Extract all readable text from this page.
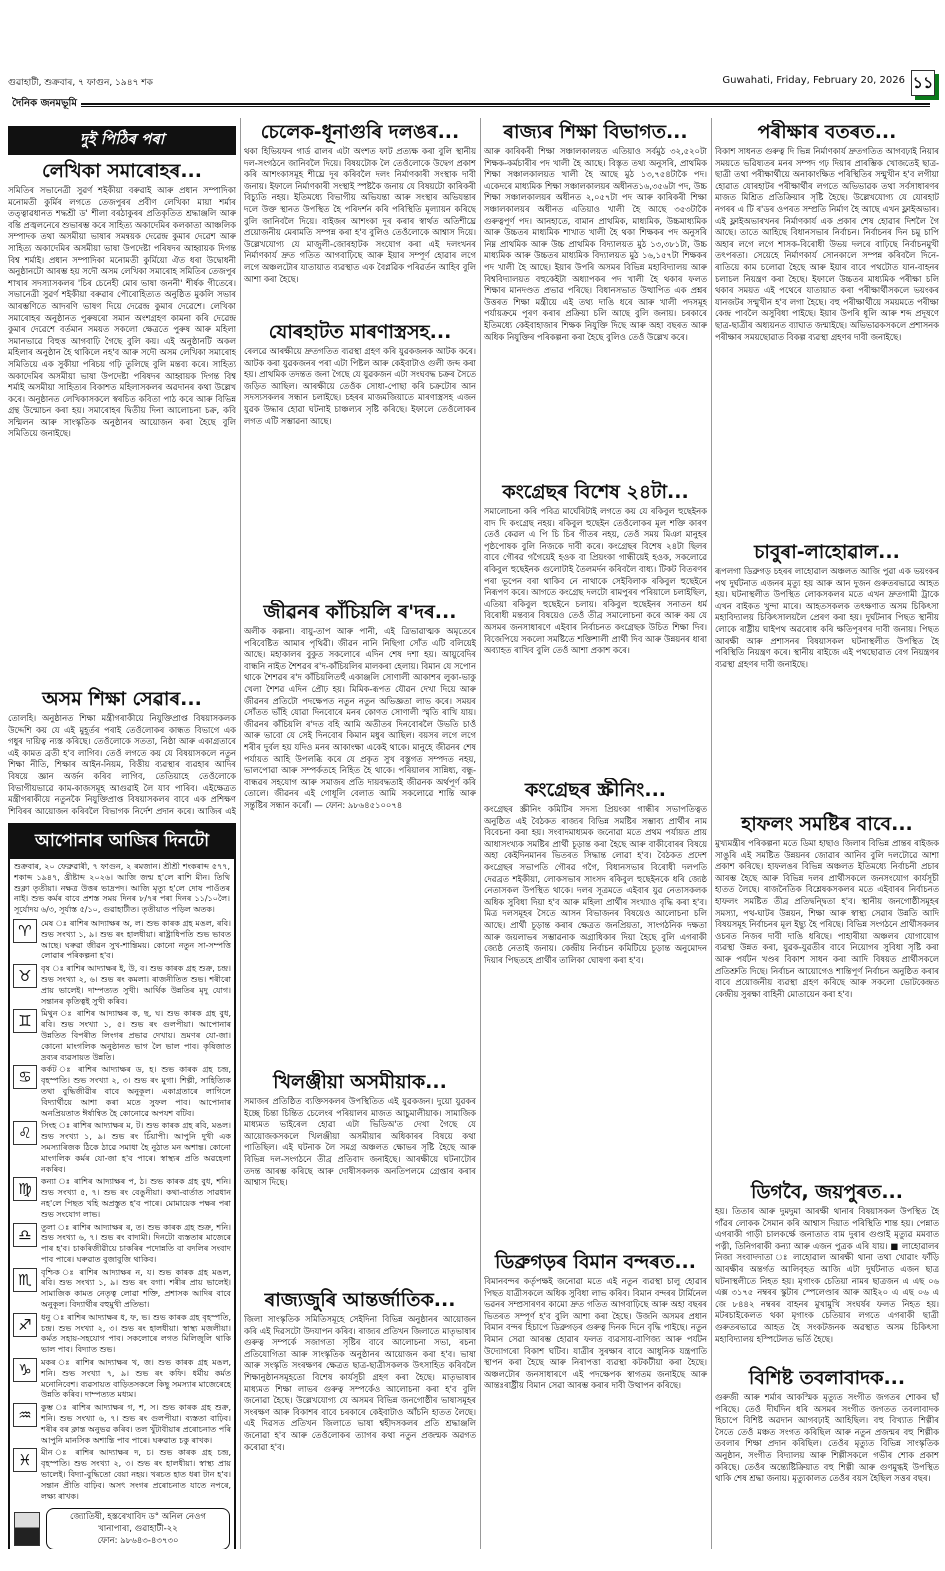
গুৱাহাটী, শুক্ৰবাৰ, ৭ ফাগুন, ১৯৪৭ শক	Guwahati, Friday, February 20, 2026 ১১
দৈনিক জনমভূমি
দুই পিঠিৰ পৰা
লেখিকা সমাৰোহৰ...

সমিতিৰ সভানেত্ৰী সুৱৰ্ণ শইকীয়া বৰুৱাই আৰু প্ৰধান সম্পাদিকা মনোমতী কুৰ্মিৰ লগতে তেজপুৰৰ প্ৰবীণ লেখিকা মায়া শৰ্মাৰ তত্ত্বাৱধানত শদ্ধশ্ৰী ড' শীলা বৰঠাকুৰৰ প্ৰতিকৃতিত শ্ৰদ্ধাঞ্জলি আৰু বন্তি প্ৰজ্বলনেৰে শুভাৰম্ভ কৰে সাহিত্য অকাদেমিৰ কলকাতা আঞ্চলিক সম্পাদক তথা অসমীয়া ভাষাৰ সমন্বয়ক দেৱেন্দ্ৰ কুমাৰ দেৱেশ আৰু সাহিত্য অকাদেমিৰ অসমীয়া ভাষা উপদেষ্টা পৰিষদৰ আহ্বায়ক দিগন্ত বিশ্ব শৰ্মাই। প্ৰধান সম্পাদিকা মনোমতী কুৰ্মিয়ো ঐত ধৰা উদ্বোধনী অনুষ্ঠানটো আৰম্ভ হয় সদৌ অসম লেখিকা সমাৰোহ সমিতিৰ তেজপুৰ শাখাৰ সদস্যাসকলৰ 'চিৰ চেনেহী মোৰ ভাষা জননী' শীৰ্ষক গীতেৰে। সভানেত্ৰী সুৱৰ্ণ শইকীয়া বৰুৱাৰ পৌৰোহিত্যত অনুষ্ঠিত মুকলি সভাৰ আৰম্ভণিতে আদৰণি ভাষণ দিয়ে দেৱেন্দ্ৰ কুমাৰ দেৱেশে। লেখিকা সমাৰোহৰ অনুষ্ঠানত পুৰুষৰো সমান অংশগ্ৰহণ কামনা কৰি দেৱেন্দ্ৰ কুমাৰ দেৱেশে বৰ্তমান সময়ত সকলো ক্ষেত্ৰতে পুৰুষ আৰু মহিলা সমানভাৱে বিহুত্ত আগবাঢ়ি গৈছে বুলি কয়। এই অনুষ্ঠানটি অকল মহিলাৰ অনুষ্ঠান হৈ থাকিলে নহ'ব আৰু সদৌ অসম লেখিকা সমাৰোহ সমিতিয়ে এক সুকীয়া পৰিচয় গঢ়ি তুলিছে বুলি মন্তব্য কৰে। সাহিত্য অকাদেমিৰ অসমীয়া ভাষা উপদেষ্টা পৰিষদৰ আহ্বায়ক দিগন্ত বিশ্ব শৰ্মাই অসমীয়া সাহিত্যৰ বিকাশত মহিলাসকলৰ অৱদানৰ কথা উল্লেখ কৰে। অনুষ্ঠানত লেখিকাসকলে স্বৰচিত কবিতা পাঠ কৰে আৰু বিভিন্ন গ্ৰন্থ উন্মোচন কৰা হয়। সমাৰোহৰ দ্বিতীয় দিনা আলোচনা চক্ৰ, কবি সন্মিলন আৰু সাংস্কৃতিক অনুষ্ঠানৰ আয়োজন কৰা হৈছে বুলি সমিতিয়ে জনাইছে।

অসম শিক্ষা সেৱাৰ...

তোলহি। অনুষ্ঠানত শিক্ষা মন্ত্ৰীগৰাকীয়ে নিযুক্তিপ্ৰাপ্ত বিষয়াসকলক উদ্দেশি কয় যে এই মুহূৰ্তৰ পৰাই তেওঁলোকৰ কান্ধত বিভাগে এক গধুৰ দায়িত্ব ন্যস্ত কৰিছে। তেওঁলোকে সততা, নিষ্ঠা আৰু একাগ্ৰতাৰে এই কামত ব্ৰতী হ'ব লাগিব। তেওঁ লগতে কয় যে বিষয়াসকলে নতুন শিক্ষা নীতি, শিক্ষাৰ আইন-নিয়ম, বিত্তীয় ব্যৱস্থাৰ ব্যৱহাৰ আদিৰ বিষয়ে জ্ঞান অৰ্জন কৰিব লাগিব, তেতিয়াহে তেওঁলোকে বিভাগীয়ভাৱে কাম-কাজসমূহ আগুৱাই লৈ যাব পাৰিব। এইক্ষেত্ৰত মন্ত্ৰীগৰাকীয়ে নতুনকৈ নিযুক্তিপ্ৰাপ্ত বিষয়াসকলৰ বাবে এক প্ৰশিক্ষণ শিবিৰৰ আয়োজন কৰিবলৈ বিভাগক নিৰ্দেশ প্ৰদান কৰে। আজিৰ এই

আপোনাৰ আজিৰ দিনটো

শুক্ৰবাৰ, ২০ ফেব্ৰুৱাৰী, ৭ ফাগুন, ২ ৰমজান। শ্ৰীশ্ৰী শংকৰাব্দ ৫৭৭, শকাব্দ ১৯৪৭, খ্ৰীষ্টাব্দ ২০২৬। আজি জন্ম হ'লে ৰাশি মীন। তিথি শুক্লা তৃতীয়া। নক্ষত্ৰ উত্তৰ ভাদ্ৰপদ। আজি মৃত্যু হ'লে দোষ পাওঁতৰ নাই। শুভ কৰ্মৰ বাবে প্ৰশস্ত সময় দিনৰ ৮/৭ৰ পৰা দিনৰ ১১/১০লৈ। সূৰ্যোদয় ৬/৩, সূৰ্যাস্ত ৫/১০, গুৱাহাটীত। তৃতীয়াত পড়িল অতক।

♈	মেষ ঃ ৰাশিৰ আদ্যাক্ষৰ অ, ল। শুভ কাৰক গ্ৰহ মঙল, ৰবি। শুভ সংখ্যা ১, ৯। শুভ ৰং হালধীয়া। ৰাষ্ট্ৰাধিপতি শুভ ভাবত আছে। ঘৰুৱা জীৱন সুখ-শান্তিময়। কোনো নতুন সা-সম্পত্তি লোৱাৰ পৰিকল্পনা হ'ব।

♉	বৃষ ঃ ৰাশিৰ আদ্যাক্ষৰ ই, উ, ব। শুভ কাৰক গ্ৰহ শুক্ৰ, চন্দ্ৰ। শুভ সংখ্যা ২, ৬। শুভ ৰং কমলা। ৰাজনীতিত শুভ। শৰীৰো প্ৰায় ভালেই। দাম্পত্যত সুখী। আৰ্থিক উন্নতিৰ মৃদু যোগ। সন্তানৰ কৃতিত্বই সুখী কৰিব।

♊	মিথুন ঃ ৰাশিৰ আদ্যাক্ষৰ ক, ছ, ঘ। শুভ কাৰক গ্ৰহ বুধ, ৰবি। শুভ সংখ্যা ১, ৫। শুভ ৰং গুলপীয়া। আপোনাৰ উন্নতিত বিপৰীত লিংগৰ প্ৰভাৱ দেখায়। ভ্ৰমণৰ যো-জা। কোনো মাংগলিক অনুষ্ঠানত ভাগ লৈ ভাল পাব। কৃষিজাত দ্ৰব্যৰ ব্যৱসায়ত উন্নতি।

♋	কৰ্কট ঃ ৰাশিৰ আদ্যাক্ষৰ ড, হ। শুভ কাৰক গ্ৰহ চন্দ্ৰ, বৃহস্পতি। শুভ সংখ্যা ২, ৩। শুভ ৰং মুগা। শিল্পী, সাহিত্যিক তথা বুদ্ধিজীৱীৰ বাবে অনুকূল। একাগ্ৰতাৰে লাগিলে বিদ্যাৰ্থীয়ে আশা কৰা মতে সুফল পাব। আপোনাৰ অনপ্ৰিয়তাত ঈৰ্ষান্বিত হৈ কোনোৱে অপযশ বটিব।

♌	সিংহ ঃ ৰাশিৰ আদ্যাক্ষৰ ম, ট। শুভ কাৰক গ্ৰহ ৰবি, মঙল। শুভ সংখ্যা ১, ৯। শুভ ৰং চিঁয়াপী। আপুনি দুখী এক সমস্যাৰিজক ঠিকে ঠাৱে সমাধা হৈ নুঠাত মন অশান্ত। কোনো মাংগলিক কৰ্মৰ যো-জা হ'ব পাৰে। স্বাস্থ্যৰ প্ৰতি অৱহেলা নকৰিব।

♍	কন্যা ঃ ৰাশিৰ আদ্যাক্ষৰ প, ঠ। শুভ কাৰক গ্ৰহ বুধ, শনি। শুভ সংখ্যা ৫, ৭। শুভ ৰং বেঙুনীয়া। কথা-বাৰ্তাত সাৱধান নহ'লে পিছত খহি অপ্ৰস্তুত হ'ব পাৰে। মোমায়েক পক্ষৰ পৰা শুভ সংযোগ লাভ।

♎	তুলা ঃ ৰাশিৰ আদ্যাক্ষৰ ৰ, ত। শুভ কাৰক গ্ৰহ শুক্ৰ, শনি। শুভ সংখ্যা ৬, ৭। শুভ ৰং বাদামী। দিনটো ব্যস্ততাৰ মাজেৰে পাৰ হ'ব। চাকৰিজীৱীয়ে চাকৰিৰ পদোন্নতি বা বদলিৰ সংবাদ পাব পাৰে। ঘৰুৱাত বুজাবুজি থাকিব।

♏	বৃশ্চিক ঃ ৰাশিৰ আদ্যাক্ষৰ ন, য। শুভ কাৰক গ্ৰহ মঙল, ৰবি। শুভ সংখ্যা ১, ৯। শুভ ৰং বগা। শৰীৰ প্ৰায় ভালেই। সামাজিক কামত নেতৃত্ব লোৱা শক্তি, প্ৰশাসক আদিৰ বাবে অনুকূল। বিদ্যাৰ্থীৰ বহুমুখী প্ৰতিভা।

♐	ধনু ঃ ৰাশিৰ আদ্যাক্ষৰ ধ, ফ, ভ। শুভ কাৰক গ্ৰহ বৃহস্পতি, চন্দ্ৰ। শুভ সংখ্যা ২, ৩। শুভ ৰং হালধীয়া। স্বাস্থ্য মজলীয়া। কৰ্মত সহায়-সহযোগ পাব। সকলোৰে লগত মিলিজুলি থাকি ভাল পাব। বিদ্যাত শুভ।

♑	মকৰ ঃ ৰাশিৰ আদ্যাক্ষৰ খ, জ। শুভ কাৰক গ্ৰহ মঙল, শনি। শুভ সংখ্যা ৭, ৯। শুভ ৰং কফি। ধৰ্মীয় কৰ্মত মনোনিবেশ। ব্যৱসায়ত বাড়িতসকলে কিছু সমস্যাৰ মাজেৰেহে উন্নতি কৰিব। দাম্পত্যত মধ্যম।

♒	কুম্ভ ঃ ৰাশিৰ আদ্যাক্ষৰ গ, শ, স। শুভ কাৰক গ্ৰহ শুক্ৰ, শনি। শুভ সংখ্যা ৬, ৭। শুভ ৰং গুলপীয়া। ব্যস্ততা বাঢ়িব। শৰীৰ বৰ ক্লান্ত অনুভৱ কৰিব। তল খুঁটাবীয়াৰ প্ৰৰোচনাত পৰি আপুনি মানসিক অশান্তি পাব পাৰে। ঘৰুৱাত চকু ৰাখক।

♓	মীন ঃ ৰাশিৰ আদ্যাক্ষৰ দ, চ। শুভ কাৰক গ্ৰহ চন্দ্ৰ, বৃহস্পতি। শুভ সংখ্যা ২, ৩। শুভ ৰং হালধীয়া। স্বাস্থ্য প্ৰায় ভালেই। বিদ্যা-বুদ্ধিতো বেয়া নহয়। খৰচত হাত ধৰা টান হ'ব। সন্তান প্ৰীতি বাঢ়িব। অসৎ সংগৰ প্ৰৰোচনাত যাতে নপৰে, লক্ষ্য ৰাখক।

জ্যোতিষী, হস্তৰেখাবিদ ড° অনিল নেওগ
খানাপাৰা, গুৱাহাটী-২২
ফোন: ৯৮৬৪৩-৪৩৭৩০
চেলেক-ধূনাগুৰি দলঙৰ...

থকা হিভিয়ফৰ গাৰ্ড ৱালৰ এটা অংশত ফাট প্ৰত্যক্ষ কৰা বুলি স্থানীয় দল-সংগঠনে জানিবলৈ দিয়ে। বিষয়টোক লৈ তেওঁলোকে উদ্বেগ প্ৰকাশ কৰি আশংকাসমূহ শীঘ্ৰে দূৰ কৰিবলৈ দলং নিৰ্মাণকাৰী সংস্থাক দাবী জনায়। ইফালে নিৰ্মাণকাৰী সংস্থাই স্পষ্টকৈ জনায় যে বিষয়টো কাৰিকৰী বিচ্যুতি নহয়। ইতিমধ্যে বিভাগীয় অভিযন্তা আৰু সংস্থাৰ অভিযন্তাৰ দলে উক্ত স্থানত উপস্থিত হৈ পৰিদৰ্শন কৰি পৰিস্থিতি মূল্যায়ন কৰিছে বুলি জানিবলৈ দিয়ে। বাইজৰ আশংকা দূৰ কৰাৰ স্বাৰ্থত অতিশীঘ্ৰে প্ৰয়োজনীয় মেৰামতি সম্পন্ন কৰা হ'ব বুলিও তেওঁলোকে আশ্বাস দিয়ে। উল্লেখযোগ্য যে মাজুলী-জোৰহাটক সংযোগ কৰা এই দলংখনৰ নিৰ্মাণকাৰ্য দ্ৰুত গতিত আগবাঢ়িছে আৰু ইয়াৰ সম্পূৰ্ণ হোৱাৰ লগে লগে অঞ্চলটোৰ যাতায়াত ব্যৱস্থাত এক বৈপ্লৱিক পৰিৱৰ্তন আহিব বুলি আশা কৰা হৈছে।

যোৰহাটত মাৰণাস্ত্ৰসহ...

ৰেলৱে আৰক্ষীয়ে দ্ৰুতগতিত ব্যৱস্থা গ্ৰহণ কৰি যুৱকজনক আটক কৰে। আটক কৰা যুৱকজনৰ পৰা এটা পিষ্টল আৰু কেইবাটাও গুলী জব্দ কৰা হয়। প্ৰাথমিক তদন্তত জনা গৈছে যে যুৱকজন এটা সংঘবদ্ধ চক্ৰৰ সৈতে জড়িত আছিল। আৰক্ষীয়ে তেওঁক সোধা-পোছা কৰি চক্ৰটোৰ আন সদস্যসকলৰ সন্ধান চলাইছে। চহৰৰ মাজমজিয়াতে মাৰণাস্ত্ৰসহ এজন যুৱক উদ্ধাৰ হোৱা ঘটনাই চাঞ্চল্যৰ সৃষ্টি কৰিছে। ইফালে তেওঁলোকৰ লগত এটি সম্ভাৱনা আছে।

জীৱনৰ কাঁচিয়লি ৰ'দৰ...

অলীক কল্পনা। বায়ু-তাপ আৰু পানী, এই ত্ৰিভাৱাত্মক অমৃতেৰে পৰিবেষ্টিত আমাৰ পৃথিৱী। জীৱন নানি নিছিগা সোঁত এটি বলিয়েই আছে। মহাকালৰ বুকুত সকলোৰে এদিন শেষ দশা হয়। আয়ুবেদিৰ বান্ধনি নাইত শৈশৱৰ ৰ'দ-কাঁচিয়লিৰ মালকৰা হেলায়। বিমান যে সপোন থাকে শৈশৱৰ ৰ'দ কাঁচিয়লিতহুঁ একাঞ্জলি সোণালী আকাশৰ লুকা-ভাকু খেলা শৈশৱ এদিন প্ৰৌঢ় হয়। মিমিক-ৰূপত যৌৱন দেখা দিয়ে আৰু জীৱনৰ প্ৰতিটো পদক্ষেপত নতুন নতুন অভিজ্ঞতা লাভ কৰে। সময়ৰ সোঁতত ভাঁহি যোৱা দিনবোৰে মনৰ কোণত সোণালী স্মৃতি ৰাখি যায়। জীৱনৰ কাঁচিয়লি ৰ'দত বহি আমি অতীতৰ দিনবোৰলৈ উভতি চাওঁ আৰু ভাবো যে সেই দিনবোৰ কিমান মধুৰ আছিল। বয়সৰ লগে লগে শৰীৰ দুৰ্বল হয় যদিও মনৰ আকাংক্ষা একেই থাকে। মানুহে জীৱনৰ শেষ পৰ্যায়ত আহি উপলব্ধি কৰে যে প্ৰকৃত সুখ বস্তুগত সম্পদত নহয়, ভালপোৱা আৰু সম্পৰ্কতহে নিহিত হৈ থাকে। পৰিয়ালৰ সান্নিধ্য, বন্ধু-বান্ধৱৰ সহযোগ আৰু সমাজৰ প্ৰতি দায়বদ্ধতাই জীৱনক অৰ্থপূৰ্ণ কৰি তোলে। জীৱনৰ এই গোধূলি বেলাত আমি সকলোৱে শান্তি আৰু সন্তুষ্টিৰ সন্ধান কৰোঁ। — ফোন: ৯৮৬৪৫১০০৭৪

খিলঞ্জীয়া অসমীয়াক...

সমাজৰ প্ৰতিষ্ঠিত ব্যক্তিসকলৰ উপস্থিতিত এই যুৱকজন। দুয়ো যুৱকৰ ইচ্ছে চিন্তা চিন্তিত চেলেংৰ পৰিয়ালৰ মাজত আচুমালীয়াক। সামাজিক মাধ্যমত ভাইৰেল হোৱা এটা ভিডিঅ'ত দেখা গৈছে যে আয়োজকসকলে খিলঞ্জীয়া অসমীয়াৰ অধিকাৰৰ বিষয়ে কথা পাতিছিল। এই ঘটনাক লৈ সমগ্ৰ অঞ্চলত ক্ষোভৰ সৃষ্টি হৈছে আৰু বিভিন্ন দল-সংগঠনে তীব্ৰ প্ৰতিবাদ জনাইছে। আৰক্ষীয়ে ঘটনাটোৰ তদন্ত আৰম্ভ কৰিছে আৰু দোষীসকলক অনতিপলমে গ্ৰেপ্তাৰ কৰাৰ আশ্বাস দিছে।

ৰাজ্যজুৰি আন্তৰ্জাতিক...

জিলা সাংস্কৃতিক সমিতিসমূহে সেইদিনা বিভিন্ন অনুষ্ঠানৰ আয়োজন কৰি এই দিৱসটো উদযাপন কৰিব। ৰাজ্যৰ প্ৰতিখন জিলাতে মাতৃভাষাৰ গুৰুত্ব সম্পৰ্কে সজাগতা সৃষ্টিৰ বাবে আলোচনা সভা, ৰচনা প্ৰতিযোগিতা আৰু সাংস্কৃতিক অনুষ্ঠানৰ আয়োজন কৰা হ'ব। ভাষা আৰু সংস্কৃতি সংৰক্ষণৰ ক্ষেত্ৰত ছাত্ৰ-ছাত্ৰীসকলক উৎসাহিত কৰিবলৈ শিক্ষানুষ্ঠানসমূহতো বিশেষ কাৰ্যসূচী গ্ৰহণ কৰা হৈছে। মাতৃভাষাৰ মাধ্যমত শিক্ষা লাভৰ গুৰুত্ব সম্পৰ্কেও আলোচনা কৰা হ'ব বুলি জনোৱা হৈছে। উল্লেখযোগ্য যে অসমৰ বিভিন্ন জনগোষ্ঠীৰ ভাষাসমূহৰ সংৰক্ষণ আৰু বিকাশৰ বাবে চৰকাৰে কেইবাটাও আঁচনি হাতত লৈছে। এই দিৱসত প্ৰতিখন জিলাতে ভাষা শ্বহীদসকলৰ প্ৰতি শ্ৰদ্ধাঞ্জলি জনোৱা হ'ব আৰু তেওঁলোকৰ ত্যাগৰ কথা নতুন প্ৰজন্মক অৱগত কৰোৱা হ'ব।

ৰাজ্যৰ শিক্ষা বিভাগত...

আৰু কাৰিকৰী শিক্ষা সঞ্চালকালয়ত এতিয়াও সৰ্বমুঠ ৩২,৫২০টা শিক্ষক-কৰ্মচাৰীৰ পদ খালী হৈ আছে। বিস্তৃত তথ্য অনুসৰি, প্ৰাথমিক শিক্ষা সঞ্চালকালয়ত খালী হৈ আছে মুঠ ১৩,৭৫৪টাকৈ পদ। একেদৰে মাধ্যমিক শিক্ষা সঞ্চালকালয়ৰ অধীনত১৬,৩৫৬টা পদ, উচ্চ শিক্ষা সঞ্চালকালয়ৰ অধীনত ২,০৫৭টা পদ আৰু কাৰিকৰী শিক্ষা সঞ্চালকালয়ৰ অধীনত এতিয়াও খালী হৈ আছে ৩৫৩টাকৈ গুৰুত্বপূৰ্ণ পদ। আনহাতে, বামান প্ৰাথমিক, মাধ্যমিক, উচ্চমাধ্যমিক আৰু উচ্চতৰ মাধ্যমিক শাখাত খালী হৈ থকা শিক্ষকৰ পদ অনুসৰি নিম্ন প্ৰাথমিক আৰু উচ্চ প্ৰাথমিক বিদ্যালয়ত মুঠ ১৩,৩৮১টা, উচ্চ মাধ্যমিক আৰু উচ্চতৰ মাধ্যমিক বিদ্যালয়ত মুঠ ১৬,১৫৭টা শিক্ষকৰ পদ খালী হৈ আছে। ইয়াৰ উপৰি অসমৰ বিভিন্ন মহাবিদ্যালয় আৰু বিশ্ববিদ্যালয়ত বহুকেইটা অধ্যাপকৰ পদ খালী হৈ থকাৰ ফলত শিক্ষাৰ মানদণ্ডত প্ৰভাৱ পৰিছে। বিধানসভাত উত্থাপিত এক প্ৰশ্নৰ উত্তৰত শিক্ষা মন্ত্ৰীয়ে এই তথ্য দাঙি ধৰে আৰু খালী পদসমূহ পৰ্যায়ক্ৰমে পূৰণ কৰাৰ প্ৰক্ৰিয়া চলি আছে বুলি জনায়। চৰকাৰে ইতিমধ্যে কেইবাহাজাৰ শিক্ষক নিযুক্তি দিছে আৰু অহা বছৰত আৰু অধিক নিযুক্তিৰ পৰিকল্পনা কৰা হৈছে বুলিও তেওঁ উল্লেখ কৰে।

কংগ্ৰেছৰ বিশেষ ২৪টা...

সমালোচনা কৰি পবিত্ৰ মাৰ্ঘেৰিটাই লগতে কয় যে ৰকিবুল হুছেইনক বাদ দি কংগ্ৰেছ নহয়। ৰকিবুল হুছেইন তেওঁলোকৰ মূল শক্তি কাৰণ তেওঁ কেৱল এ পি চি চিৰ গীতৰ নহয়, তেওঁ সময় মিঞা মানুহৰ পৃষ্ঠপোষক বুলি নিজকে দাবী কৰে। কংগ্ৰেছৰ বিশেষ ২৪টা ছিলৰ বাবে গৌৰৱ গগৈয়েই হওক বা প্ৰিয়ংকা গান্ধীয়েই হওক, সকলোৱে ৰকিবুল হুছেইনক গুলোটাই তৈলমৰ্দন কৰিবলৈ বাধ্য। টিকট বিতৰণৰ পৰা ভূপেন বৰা থাকিব নে নাথাকে সেইবিলাক ৰকিবুল হুছেইনে নিৰূপণ কৰে। আগতে কংগ্ৰেছ দলটো ৰামপুৰৰ পৰিয়ালে চলাইছিল, এতিয়া ৰকিবুল হুছেইনে চলায়। ৰকিবুল হুছেইনৰ সনাতন ধৰ্ম বিৰোধী মন্তব্যৰ বিষয়েও তেওঁ তীব্ৰ সমালোচনা কৰে আৰু কয় যে অসমৰ জনসাধাৰণে এইবাৰ নিৰ্বাচনত কংগ্ৰেছক উচিত শিক্ষা দিব। বিজেপিয়ে সকলো সমষ্টিতে শক্তিশালী প্ৰাৰ্থী দিব আৰু উন্নয়নৰ ধাৰা অব্যাহত ৰাখিব বুলি তেওঁ আশা প্ৰকাশ কৰে।

কংগ্ৰেছৰ স্ক্ৰীনিং...

কংগ্ৰেছৰ স্ক্ৰীনিং কমিটিৰ সদস্য প্ৰিয়ংকা গান্ধীৰ সভাপতিত্বত অনুষ্ঠিত এই বৈঠকত ৰাজ্যৰ বিভিন্ন সমষ্টিৰ সম্ভাব্য প্ৰাৰ্থীৰ নাম বিবেচনা কৰা হয়। সংবাদমাধ্যমক জনোৱা মতে প্ৰথম পৰ্যায়ত প্ৰায় আধাসংখ্যক সমষ্টিৰ প্ৰাৰ্থী চূড়ান্ত কৰা হৈছে আৰু বাকীবোৰৰ বিষয়ে অহা কেইদিনমানৰ ভিতৰত সিদ্ধান্ত লোৱা হ'ব। বৈঠকত প্ৰদেশ কংগ্ৰেছৰ সভাপতি গৌৰৱ গগৈ, বিধানসভাৰ বিৰোধী দলপতি দেৱব্ৰত শইকীয়া, লোকসভাৰ সাংসদ ৰকিবুল হুছেইনকে ধৰি জ্যেষ্ঠ নেতাসকল উপস্থিত থাকে। দলৰ সূত্ৰমতে এইবাৰ যুৱ নেতাসকলক অধিক সুবিধা দিয়া হ'ব আৰু মহিলা প্ৰাৰ্থীৰ সংখ্যাও বৃদ্ধি কৰা হ'ব। মিত্ৰ দলসমূহৰ সৈতে আসন বিভাজনৰ বিষয়েও আলোচনা চলি আছে। প্ৰাৰ্থী চূড়ান্ত কৰাৰ ক্ষেত্ৰত জনপ্ৰিয়তা, সাংগঠনিক দক্ষতা আৰু জয়লাভৰ সম্ভাৱনাক অগ্ৰাধিকাৰ দিয়া হৈছে বুলি এগৰাকী জ্যেষ্ঠ নেতাই জনায়। কেন্দ্ৰীয় নিৰ্বাচন কমিটিয়ে চূড়ান্ত অনুমোদন দিয়াৰ পিছতহে প্ৰাৰ্থীৰ তালিকা ঘোষণা কৰা হ'ব।

ডিব্ৰুগড়ৰ বিমান বন্দৰত...

বিমানবন্দৰ কৰ্তৃপক্ষই জনোৱা মতে এই নতুন ব্যৱস্থা চালু হোৱাৰ পিছত যাত্ৰীসকলে অধিক সুবিধা লাভ কৰিব। বিমান বন্দৰৰ টাৰ্মিনেল ভৱনৰ সম্প্ৰসাৰণৰ কামো দ্ৰুত গতিত আগবাঢ়িছে আৰু অহা বছৰৰ ভিতৰত সম্পূৰ্ণ হ'ব বুলি আশা কৰা হৈছে। উজনি অসমৰ প্ৰধান বিমান বন্দৰ হিচাপে ডিব্ৰুগড়ৰ গুৰুত্ব দিনক দিনে বৃদ্ধি পাইছে। নতুন বিমান সেৱা আৰম্ভ হোৱাৰ ফলত ব্যৱসায়-বাণিজ্য আৰু পৰ্যটন উদ্যোগৰো বিকাশ ঘটিব। যাত্ৰীৰ সুৰক্ষাৰ বাবে আধুনিক যন্ত্ৰপাতি স্থাপন কৰা হৈছে আৰু নিৰাপত্তা ব্যৱস্থা কটকটীয়া কৰা হৈছে। অঞ্চলটোৰ জনসাধাৰণে এই পদক্ষেপক স্বাগতম জনাইছে আৰু আন্তঃৰাষ্ট্ৰীয় বিমান সেৱা আৰম্ভ কৰাৰ দাবী উত্থাপন কৰিছে।

পৰীক্ষাৰ বতৰত...

বিকাশ সাধনত গুৰুত্ব দি ভিন্ন নিৰ্মাণকাৰ্য দ্ৰুতগতিত আগবঢ়াই নিয়াৰ সময়তে ভৱিষ্যতৰ মনৰ সম্পদ গঢ় দিয়াৰ প্ৰাৰম্ভিক খোজতেই ছাত্ৰ-ছাত্ৰী তথা পৰীক্ষাৰ্থীয়ে অনাকাংক্ষিত পৰিস্থিতিৰ সন্মুখীন হ'ব লগীয়া হোৱাত যোৰহাটৰ পৰীক্ষাৰ্থীৰ লগতে অভিভাৱক তথা সৰ্বসাধাৰণৰ মাজত মিশ্ৰিত প্ৰতিক্ৰিয়াৰ সৃষ্টি হৈছে। উল্লেখযোগ্য যে যোৰহাট নগৰৰ এ টি ৰ'ডৰ ওপৰত সম্প্ৰতি নিৰ্মাণ হৈ আছে এখন ফ্লাইঅভাৰ। এই ফ্লাইঅভাৰখনৰ নিৰ্মাণকাৰ্য এক প্ৰকাৰ শেষ হোৱাৰ দিশলৈ গৈ আছে। তাতে আহিছে বিধানসভাৰ নিৰ্বাচন। নিৰ্বাচনৰ দিন চমু চাপি অহাৰ লগে লগে শাসক-বিৰোধী উভয় দলৰে বাঢ়িছে নিৰ্বাচনমুখী তৎপৰতা। সেয়েহে নিৰ্মাণকাৰ্য সোনকালে সম্পন্ন কৰিবলৈ দিনে-ৰাতিয়ে কাম চলোৱা হৈছে আৰু ইয়াৰ বাবে পথটোত যান-বাহনৰ চলাচল নিয়ন্ত্ৰণ কৰা হৈছে। ইফালে উচ্চতৰ মাধ্যমিক পৰীক্ষা চলি থকাৰ সময়ত এই পথেৰে যাতায়াত কৰা পৰীক্ষাৰ্থীসকলে ভয়ংকৰ যানজটৰ সন্মুখীন হ'ব লগা হৈছে। বহু পৰীক্ষাৰ্থীয়ে সময়মতে পৰীক্ষা কেন্দ্ৰ পাবলৈ অসুবিধা পাইছে। ইয়াৰ উপৰি ধূলি আৰু শব্দ প্ৰদূষণে ছাত্ৰ-ছাত্ৰীৰ অধ্যয়নত ব্যাঘাত জন্মাইছে। অভিভাৱকসকলে প্ৰশাসনক পৰীক্ষাৰ সময়ছোৱাত বিকল্প ব্যৱস্থা গ্ৰহণৰ দাবী জনাইছে।

চাবুৰা-লাহোৱাল...

ৰূপলগা ডিব্ৰুগড় চহৰৰ লাহোৱাল অঞ্চলত আজি পুৱা এক ভয়ংকৰ পথ দুৰ্ঘটনাত এজনৰ মৃত্যু হয় আৰু আন দুজন গুৰুতৰভাৱে আহত হয়। ঘটনাস্থলীত উপস্থিত লোকসকলৰ মতে এখন দ্ৰুতগামী ট্ৰাকে এখন বাইকত খুন্দা মাৰে। আহতসকলক তৎক্ষণাত অসম চিকিৎসা মহাবিদ্যালয় চিকিৎসালয়লৈ প্ৰেৰণ কৰা হয়। দুৰ্ঘটনাৰ পিছত স্থানীয় লোকে ৰাষ্ট্ৰীয় ঘাইপথ অৱৰোধ কৰি ক্ষতিপূৰণৰ দাবী জনায়। পিছত আৰক্ষী আৰু প্ৰশাসনৰ বিষয়াসকল ঘটনাস্থলীত উপস্থিত হৈ পৰিস্থিতি নিয়ন্ত্ৰণ কৰে। স্থানীয় ৰাইজে এই পথছোৱাত বেগ নিয়ন্ত্ৰণৰ ব্যৱস্থা গ্ৰহণৰ দাবী জনাইছে।

হাফলং সমষ্টিৰ বাবে...

মুখ্যমন্ত্ৰীৰ পৰিকল্পনা মতে ডিমা হাছাও জিলাৰ বিভিন্ন প্ৰান্তৰ ৰাইজক সাঙুৰি এই সমষ্টিত উন্নয়নৰ জোৱাৰ আনিব বুলি দলটোৱে আশা প্ৰকাশ কৰিছে। হাফলঙৰ বিভিন্ন অঞ্চলত ইতিমধ্যে নিৰ্বাচনী প্ৰচাৰ আৰম্ভ হৈছে আৰু বিভিন্ন দলৰ প্ৰাৰ্থীসকলে জনসংযোগ কাৰ্যসূচী হাতত লৈছে। ৰাজনৈতিক বিশ্লেষকসকলৰ মতে এইবাৰৰ নিৰ্বাচনত হাফলং সমষ্টিত তীব্ৰ প্ৰতিদ্বন্দ্বিতা হ'ব। স্থানীয় জনগোষ্ঠীসমূহৰ সমস্যা, পথ-ঘাটৰ উন্নয়ন, শিক্ষা আৰু স্বাস্থ্য সেৱাৰ উন্নতি আদি বিষয়সমূহ নিৰ্বাচনৰ মূল ইছ্যু হৈ পৰিছে। বিভিন্ন সংগঠনে প্ৰাৰ্থীসকলৰ ওচৰত নিজৰ দাবী দাঙি ধৰিছে। পাহাৰীয়া অঞ্চলৰ যোগাযোগ ব্যৱস্থা উন্নত কৰা, যুৱক-যুৱতীৰ বাবে নিয়োগৰ সুবিধা সৃষ্টি কৰা আৰু পৰ্যটন খণ্ডৰ বিকাশ সাধন কৰা আদি বিষয়ত প্ৰাৰ্থীসকলে প্ৰতিশ্ৰুতি দিছে। নিৰ্বাচন আয়োগেও শান্তিপূৰ্ণ নিৰ্বাচন অনুষ্ঠিত কৰাৰ বাবে প্ৰয়োজনীয় ব্যৱস্থা গ্ৰহণ কৰিছে আৰু সকলো ভোটকেন্দ্ৰত কেন্দ্ৰীয় সুৰক্ষা বাহিনী মোতায়েন কৰা হ'ব।

ডিগবৈ, জয়পুৰত...

হয়। তিতাৰ আৰু দুমদুমা আৰক্ষী থানাৰ বিষয়াসকল উপস্থিত হৈ গাঁৱৰ লোকক সৈমান কৰি আশ্বাস দিয়াত পৰিস্থিতি শান্ত হয়। পেন্নাত এগৰাকী গাড়ী চালকৰ্ক্ষে জনাতাত বাম দুৰাৰ গুণ্ডাই মৃত্যুৱ মমবাত পত্নী, তিনিগৰাকী কন্যা আৰু এজন পুত্ৰক এৰি যায়। ■ লাহোৱালৰ নিজা সংবাদদাতা ঃ লাহোৱাল আৰক্ষী থানা তথা খোৱাং ফাঁড়ি আৰক্ষীৰ অন্তৰ্গত আলিবৃহত আজি এটা দুৰ্ঘটনাত এজন ছাত্ৰ ঘটনাস্থলীতে নিহত হয়। মৃগাংক চেতিয়া নামৰ ছাত্ৰজন এ এছ ০৬ এক্স ৩১৭৫ নম্বৰৰ স্কুটাৰ স্পেলেণ্ডাৰ আৰু আই২০ এ এছ ০৬ এ জে ৮৪৪২ নম্বৰৰ বাহনৰ মুখামুখি সংঘৰ্ষৰ ফলত নিহত হয়। মটৰচাইকেলত থকা মৃগাংক চেতিয়াৰ লগতে এগৰাকী ছাত্ৰী গুৰুতৰভাৱে আহত হৈ সংকটজনক অৱস্থাত অসম চিকিৎসা মহাবিদ্যালয় হস্পিটেলত ভৰ্তি হৈছে।

বিশিষ্ট তবলাবাদক...

গুৰুজী আৰু শৰ্মাৰ আকস্মিক মৃত্যুত সংগীত জগতৰ শোকৰ ছাঁ পৰিছে। তেওঁ দীৰ্ঘদিন ধৰি অসমৰ সংগীত জগতত তবলাবাদক হিচাপে বিশিষ্ট অৱদান আগবঢ়াই আহিছিল। বহু বিখ্যাত শিল্পীৰ সৈতে তেওঁ মঞ্চত সংগত কৰিছিল আৰু নতুন প্ৰজন্মৰ বহু শিল্পীক তবলাৰ শিক্ষা প্ৰদান কৰিছিল। তেওঁৰ মৃত্যুত বিভিন্ন সাংস্কৃতিক অনুষ্ঠান, সংগীত বিদ্যালয় আৰু শিল্পীসকলে গভীৰ শোক প্ৰকাশ কৰিছে। তেওঁৰ অন্ত্যেষ্টিক্ৰিয়াত বহু শিল্পী আৰু গুণমুগ্ধই উপস্থিত থাকি শেষ শ্ৰদ্ধা জনায়। মৃত্যুকালত তেওঁৰ বয়স হৈছিল সত্তৰ বছৰ।
